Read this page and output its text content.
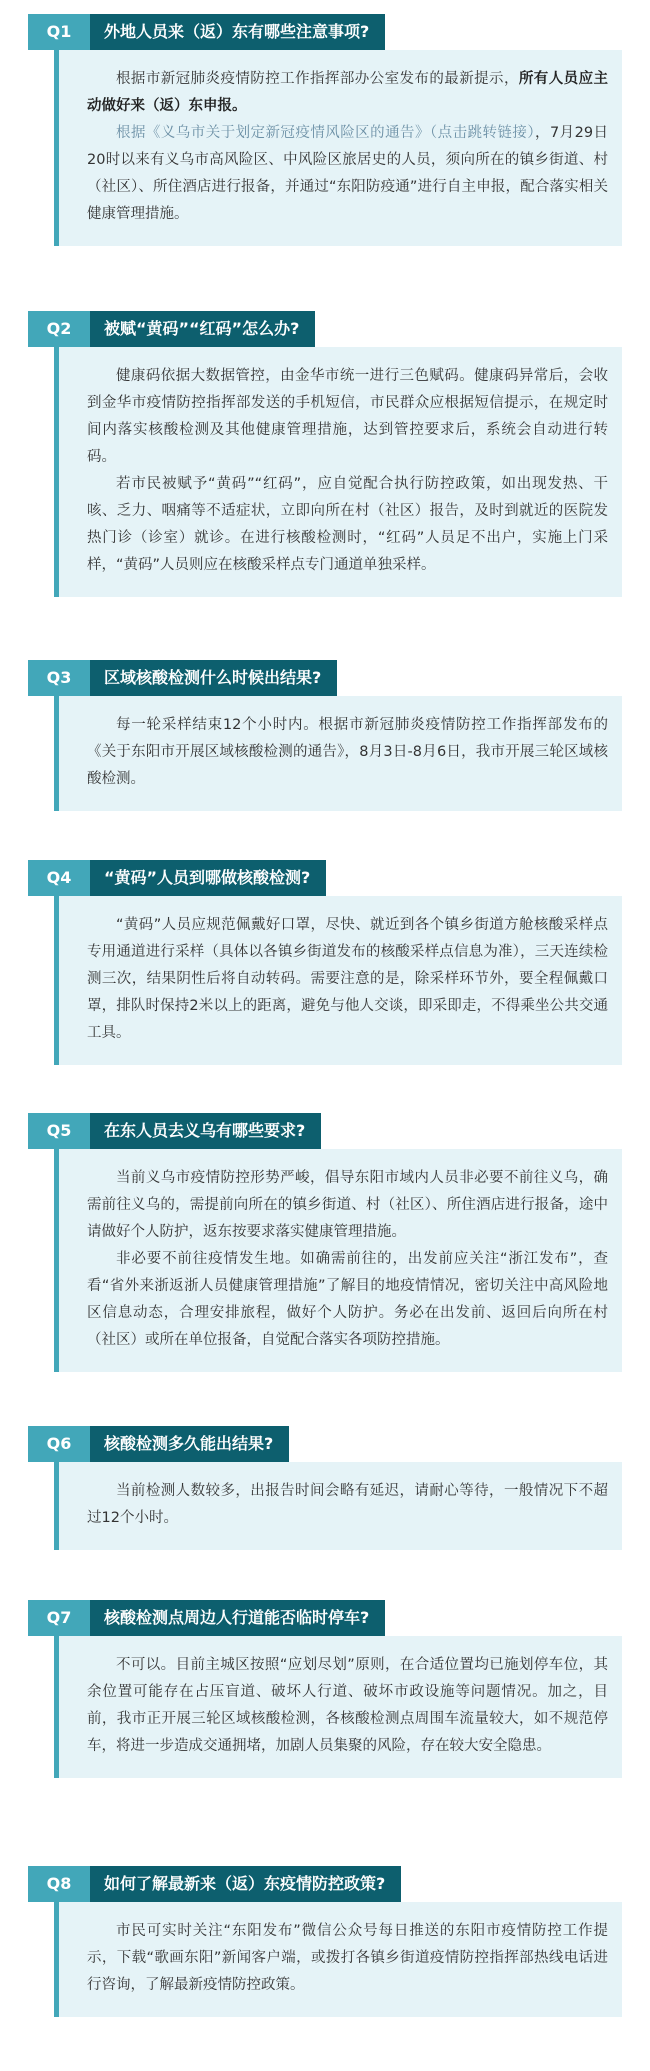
Q1	外地人员来（返）东有哪些注意事项?

根据市新冠肺炎疫情防控工作指挥部办公室发布的最新提示，所有人员应主动做好来（返）东申报。

根据《义乌市关于划定新冠疫情风险区的通告》（点击跳转链接），7月29日20时以来有义乌市高风险区、中风险区旅居史的人员，须向所在的镇乡街道、村（社区）、所住酒店进行报备，并通过“东阳防疫通”进行自主申报，配合落实相关健康管理措施。

Q2	被赋“黄码”“红码”怎么办?

健康码依据大数据管控，由金华市统一进行三色赋码。健康码异常后，会收到金华市疫情防控指挥部发送的手机短信，市民群众应根据短信提示，在规定时间内落实核酸检测及其他健康管理措施，达到管控要求后，系统会自动进行转码。

若市民被赋予“黄码”“红码”，应自觉配合执行防控政策，如出现发热、干咳、乏力、咽痛等不适症状，立即向所在村（社区）报告，及时到就近的医院发热门诊（诊室）就诊。在进行核酸检测时，“红码”人员足不出户，实施上门采样，“黄码”人员则应在核酸采样点专门通道单独采样。

Q3	区域核酸检测什么时候出结果?

每一轮采样结束12个小时内。根据市新冠肺炎疫情防控工作指挥部发布的《关于东阳市开展区域核酸检测的通告》，8月3日-8月6日，我市开展三轮区域核酸检测。

Q4	“黄码”人员到哪做核酸检测?

“黄码”人员应规范佩戴好口罩，尽快、就近到各个镇乡街道方舱核酸采样点专用通道进行采样（具体以各镇乡街道发布的核酸采样点信息为准），三天连续检测三次，结果阴性后将自动转码。需要注意的是，除采样环节外，要全程佩戴口罩，排队时保持2米以上的距离，避免与他人交谈，即采即走，不得乘坐公共交通工具。

Q5	在东人员去义乌有哪些要求?

当前义乌市疫情防控形势严峻，倡导东阳市域内人员非必要不前往义乌，确需前往义乌的，需提前向所在的镇乡街道、村（社区）、所住酒店进行报备，途中请做好个人防护，返东按要求落实健康管理措施。

非必要不前往疫情发生地。如确需前往的，出发前应关注“浙江发布”，查看“省外来浙返浙人员健康管理措施”了解目的地疫情情况，密切关注中高风险地区信息动态，合理安排旅程，做好个人防护。务必在出发前、返回后向所在村（社区）或所在单位报备，自觉配合落实各项防控措施。

Q6	核酸检测多久能出结果?

当前检测人数较多，出报告时间会略有延迟，请耐心等待，一般情况下不超过12个小时。

Q7	核酸检测点周边人行道能否临时停车?

不可以。目前主城区按照“应划尽划”原则，在合适位置均已施划停车位，其余位置可能存在占压盲道、破坏人行道、破坏市政设施等问题情况。加之，目前，我市正开展三轮区域核酸检测，各核酸检测点周围车流量较大，如不规范停车，将进一步造成交通拥堵，加剧人员集聚的风险，存在较大安全隐患。

Q8	如何了解最新来（返）东疫情防控政策?

市民可实时关注“东阳发布”微信公众号每日推送的东阳市疫情防控工作提示，下载“歌画东阳”新闻客户端，或拨打各镇乡街道疫情防控指挥部热线电话进行咨询，了解最新疫情防控政策。
